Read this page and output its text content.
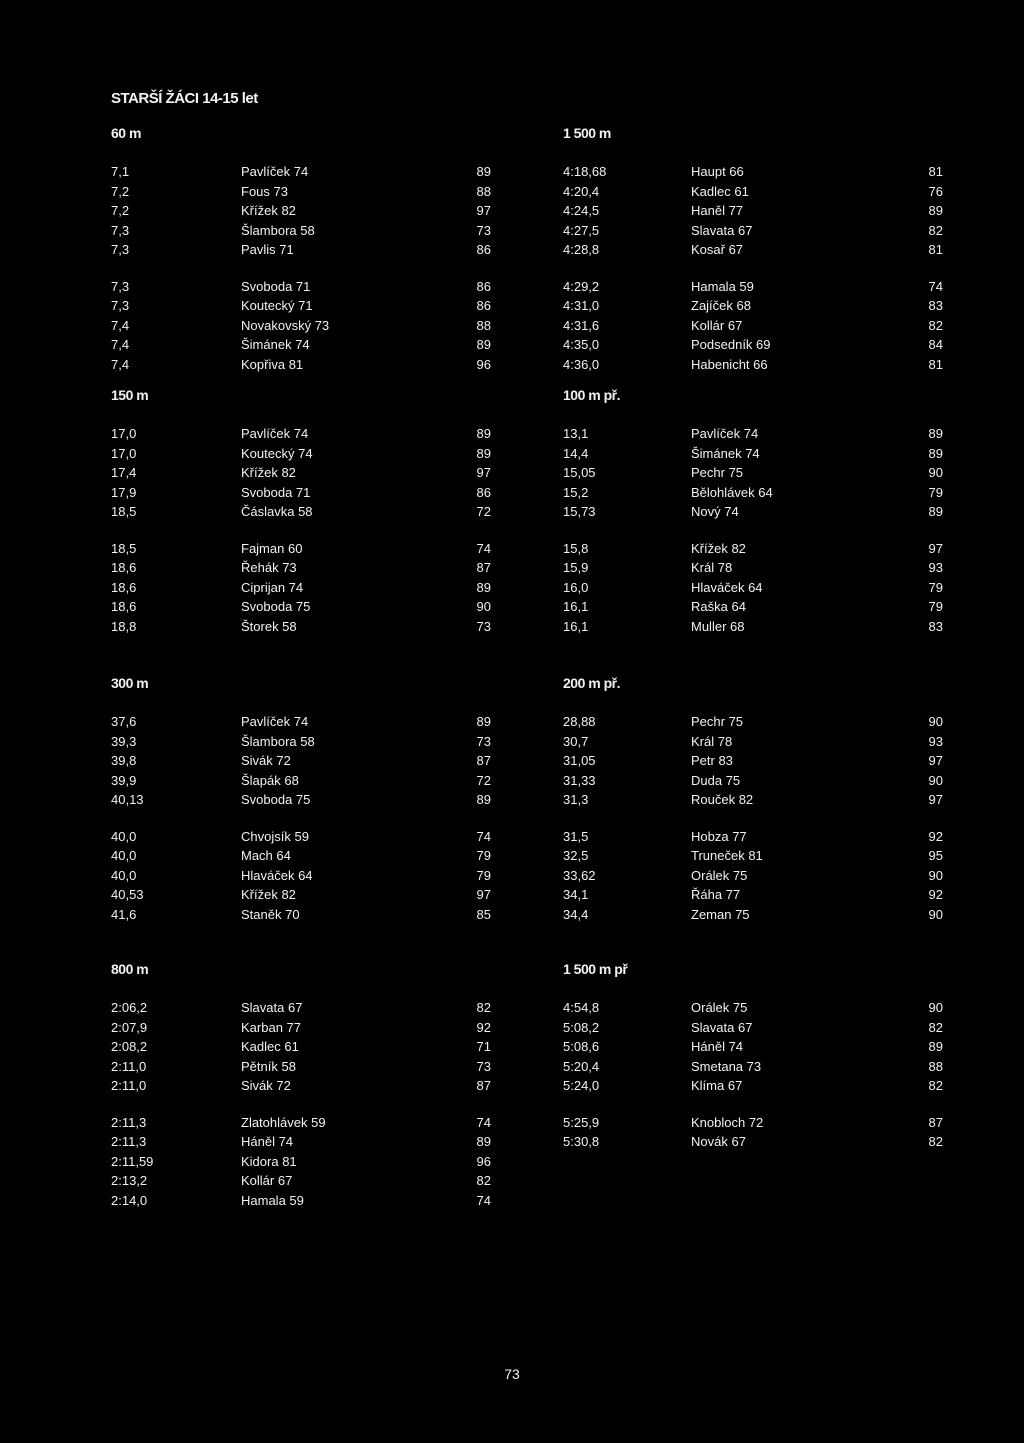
STARŠÍ ŽÁCI 14-15 let
60 m
7,1	Pavlíček 74	89
7,2	Fous 73	88
7,2	Křížek 82	97
7,3	Šlambora 58	73
7,3	Pavlis 71	86
7,3	Svoboda 71	86
7,3	Koutecký 71	86
7,4	Novakovský 73	88
7,4	Šimánek 74	89
7,4	Kopřiva 81	96
1 500 m
4:18,68	Haupt 66	81
4:20,4	Kadlec 61	76
4:24,5	Haněl 77	89
4:27,5	Slavata 67	82
4:28,8	Kosař 67	81
4:29,2	Hamala 59	74
4:31,0	Zajíček 68	83
4:31,6	Kollár 67	82
4:35,0	Podsedník 69	84
4:36,0	Habenicht 66	81
150 m
17,0	Pavlíček 74	89
17,0	Koutecký 74	89
17,4	Křížek 82	97
17,9	Svoboda 71	86
18,5	Čáslavka 58	72
18,5	Fajman 60	74
18,6	Řehák 73	87
18,6	Ciprijan 74	89
18,6	Svoboda 75	90
18,8	Štorek 58	73
100 m př.
13,1	Pavlíček 74	89
14,4	Šimánek 74	89
15,05	Pechr 75	90
15,2	Bělohlávek 64	79
15,73	Nový 74	89
15,8	Křížek 82	97
15,9	Král 78	93
16,0	Hlaváček 64	79
16,1	Raška 64	79
16,1	Muller 68	83
300 m
37,6	Pavlíček 74	89
39,3	Šlambora 58	73
39,8	Sivák 72	87
39,9	Šlapák 68	72
40,13	Svoboda 75	89
40,0	Chvojsík 59	74
40,0	Mach 64	79
40,0	Hlaváček 64	79
40,53	Křížek 82	97
41,6	Staněk 70	85
200 m př.
28,88	Pechr 75	90
30,7	Král 78	93
31,05	Petr 83	97
31,33	Duda 75	90
31,3	Rouček 82	97
31,5	Hobza 77	92
32,5	Truneček 81	95
33,62	Orálek 75	90
34,1	Řáha 77	92
34,4	Zeman 75	90
800 m
2:06,2	Slavata 67	82
2:07,9	Karban 77	92
2:08,2	Kadlec 61	71
2:11,0	Pětník 58	73
2:11,0	Sivák 72	87
2:11,3	Zlatohlávek 59	74
2:11,3	Háněl 74	89
2:11,59	Kidora 81	96
2:13,2	Kollár 67	82
2:14,0	Hamala 59	74
1 500 m př
4:54,8	Orálek 75	90
5:08,2	Slavata 67	82
5:08,6	Háněl 74	89
5:20,4	Smetana 73	88
5:24,0	Klíma 67	82
5:25,9	Knobloch 72	87
5:30,8	Novák 67	82
73
